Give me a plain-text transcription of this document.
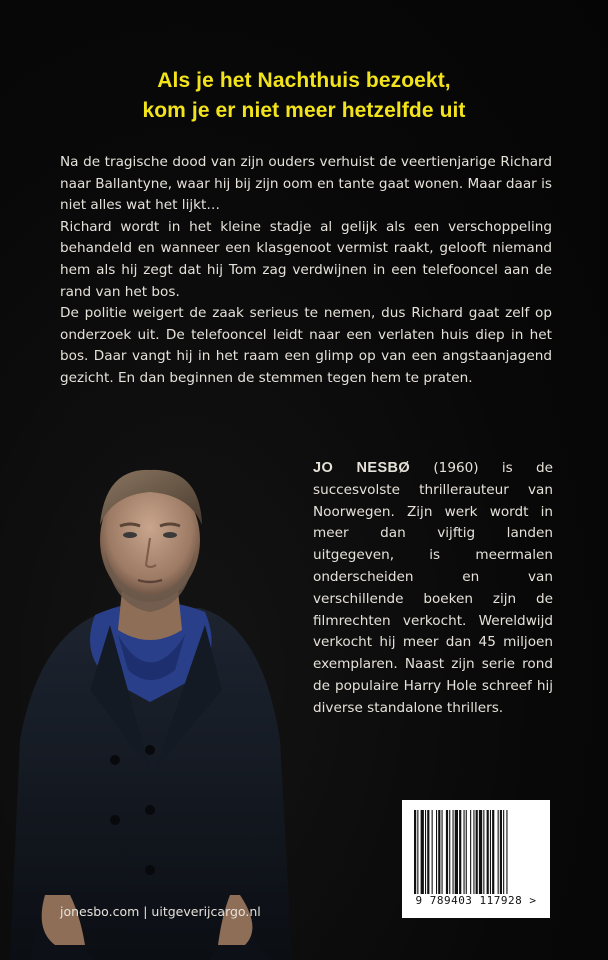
Als je het Nachthuis bezoekt,
kom je er niet meer hetzelfde uit

Na de tragische dood van zijn ouders verhuist de veertienjarige Richard naar Ballantyne, waar hij bij zijn oom en tante gaat wonen. Maar daar is niet alles wat het lijkt…

Richard wordt in het kleine stadje al gelijk als een verschoppeling behandeld en wanneer een klasgenoot vermist raakt, gelooft niemand hem als hij zegt dat hij Tom zag verdwijnen in een telefooncel aan de rand van het bos.

De politie weigert de zaak serieus te nemen, dus Richard gaat zelf op onderzoek uit. De telefooncel leidt naar een verlaten huis diep in het bos. Daar vangt hij in het raam een glimp op van een angstaanjagend gezicht. En dan beginnen de stemmen tegen hem te praten.

JO NESBØ (1960) is de succesvolste thrillerauteur van Noorwegen. Zijn werk wordt in meer dan vijftig landen uitgegeven, is meermalen onderscheiden en van verschillende boeken zijn de filmrechten verkocht. Wereldwijd verkocht hij meer dan 45 miljoen exemplaren. Naast zijn serie rond de populaire Harry Hole schreef hij diverse standalone thrillers.
9 789403 117928 >
jonesbo.com | uitgeverijcargo.nl
